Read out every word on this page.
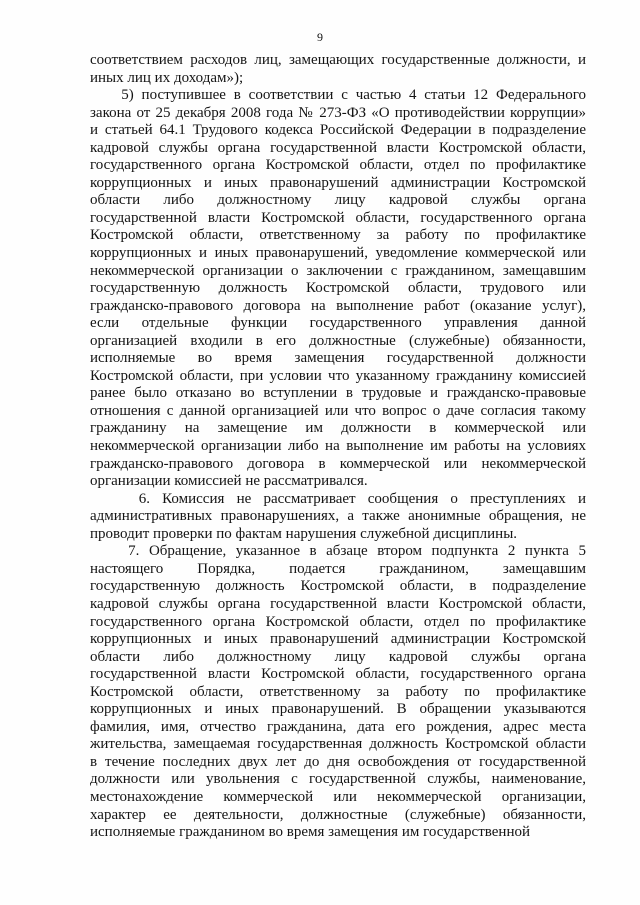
9
соответствием расходов лиц, замещающих государственные должности, и
иных лиц их доходам»);
5) поступившее в соответствии с частью 4 статьи 12 Федерального
закона от 25 декабря 2008 года № 273-ФЗ «О противодействии коррупции»
и статьей 64.1 Трудового кодекса Российской Федерации в подразделение
кадровой службы органа государственной власти Костромской области,
государственного органа Костромской области, отдел по профилактике
коррупционных и иных правонарушений администрации Костромской
области либо должностному лицу кадровой службы органа
государственной власти Костромской области, государственного органа
Костромской области, ответственному за работу по профилактике
коррупционных и иных правонарушений, уведомление коммерческой или
некоммерческой организации о заключении с гражданином, замещавшим
государственную должность Костромской области, трудового или
гражданско-правового договора на выполнение работ (оказание услуг),
если отдельные функции государственного управления данной
организацией входили в его должностные (служебные) обязанности,
исполняемые во время замещения государственной должности
Костромской области, при условии что указанному гражданину комиссией
ранее было отказано во вступлении в трудовые и гражданско-правовые
отношения с данной организацией или что вопрос о даче согласия такому
гражданину на замещение им должности в коммерческой или
некоммерческой организации либо на выполнение им работы на условиях
гражданско-правового договора в коммерческой или некоммерческой
организации комиссией не рассматривался.
6. Комиссия не рассматривает сообщения о преступлениях и
административных правонарушениях, а также анонимные обращения, не
проводит проверки по фактам нарушения служебной дисциплины.
7. Обращение, указанное в абзаце втором подпункта 2 пункта 5
настоящего Порядка, подается гражданином, замещавшим
государственную должность Костромской области, в подразделение
кадровой службы органа государственной власти Костромской области,
государственного органа Костромской области, отдел по профилактике
коррупционных и иных правонарушений администрации Костромской
области либо должностному лицу кадровой службы органа
государственной власти Костромской области, государственного органа
Костромской области, ответственному за работу по профилактике
коррупционных и иных правонарушений. В обращении указываются
фамилия, имя, отчество гражданина, дата его рождения, адрес места
жительства, замещаемая государственная должность Костромской области
в течение последних двух лет до дня освобождения от государственной
должности или увольнения с государственной службы, наименование,
местонахождение коммерческой или некоммерческой организации,
характер ее деятельности, должностные (служебные) обязанности,
исполняемые гражданином во время замещения им государственной
